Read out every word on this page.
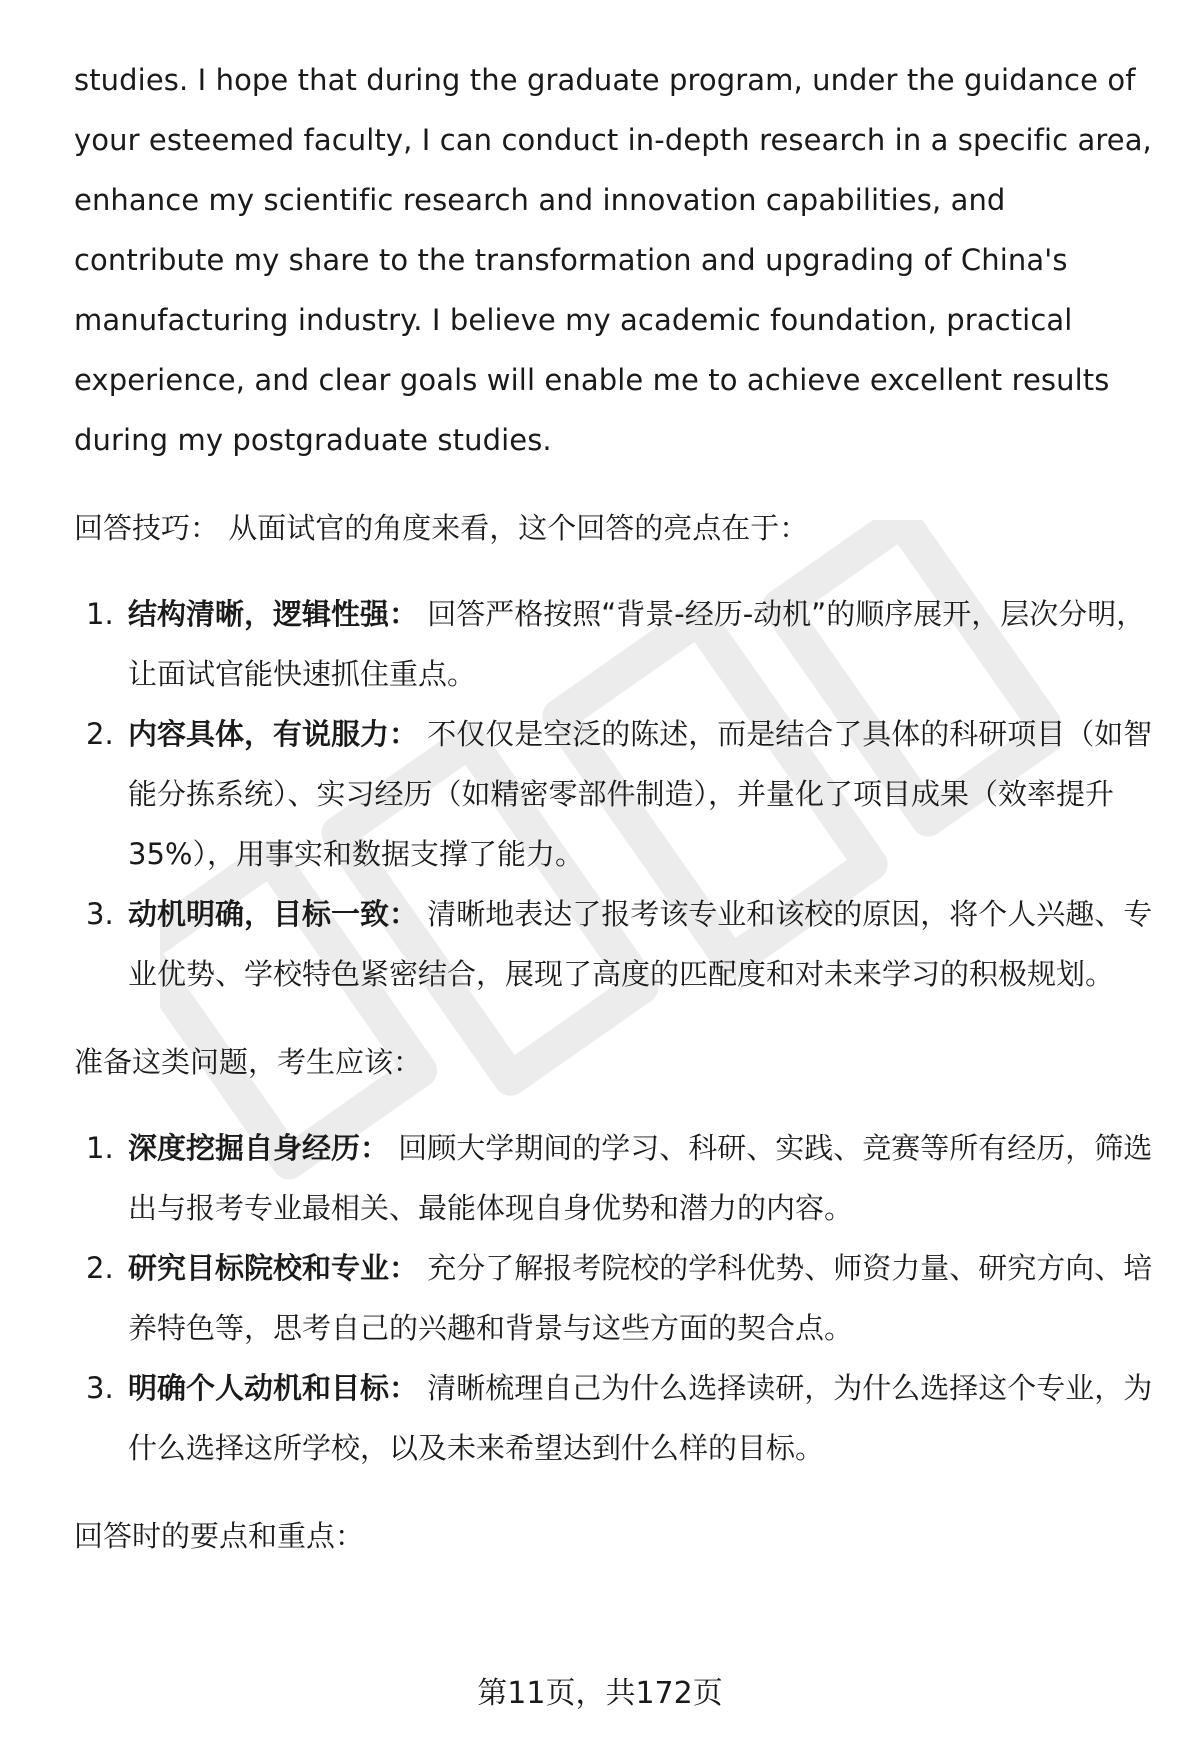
studies. I hope that during the graduate program, under the guidance of your esteemed faculty, I can conduct in-depth research in a specific area, enhance my scientific research and innovation capabilities, and contribute my share to the transformation and upgrading of China's manufacturing industry. I believe my academic foundation, practical experience, and clear goals will enable me to achieve excellent results during my postgraduate studies.

回答技巧： 从面试官的角度来看，这个回答的亮点在于：

1. 结构清晰，逻辑性强： 回答严格按照“背景-经历-动机”的顺序展开，层次分明，让面试官能快速抓住重点。
2. 内容具体，有说服力： 不仅仅是空泛的陈述，而是结合了具体的科研项目（如智能分拣系统）、实习经历（如精密零部件制造），并量化了项目成果（效率提升35%），用事实和数据支撑了能力。
3. 动机明确，目标一致： 清晰地表达了报考该专业和该校的原因，将个人兴趣、专业优势、学校特色紧密结合，展现了高度的匹配度和对未来学习的积极规划。

准备这类问题，考生应该：

1. 深度挖掘自身经历： 回顾大学期间的学习、科研、实践、竞赛等所有经历，筛选出与报考专业最相关、最能体现自身优势和潜力的内容。
2. 研究目标院校和专业： 充分了解报考院校的学科优势、师资力量、研究方向、培养特色等，思考自己的兴趣和背景与这些方面的契合点。
3. 明确个人动机和目标： 清晰梳理自己为什么选择读研，为什么选择这个专业，为什么选择这所学校，以及未来希望达到什么样的目标。

回答时的要点和重点：

第11页，共172页
